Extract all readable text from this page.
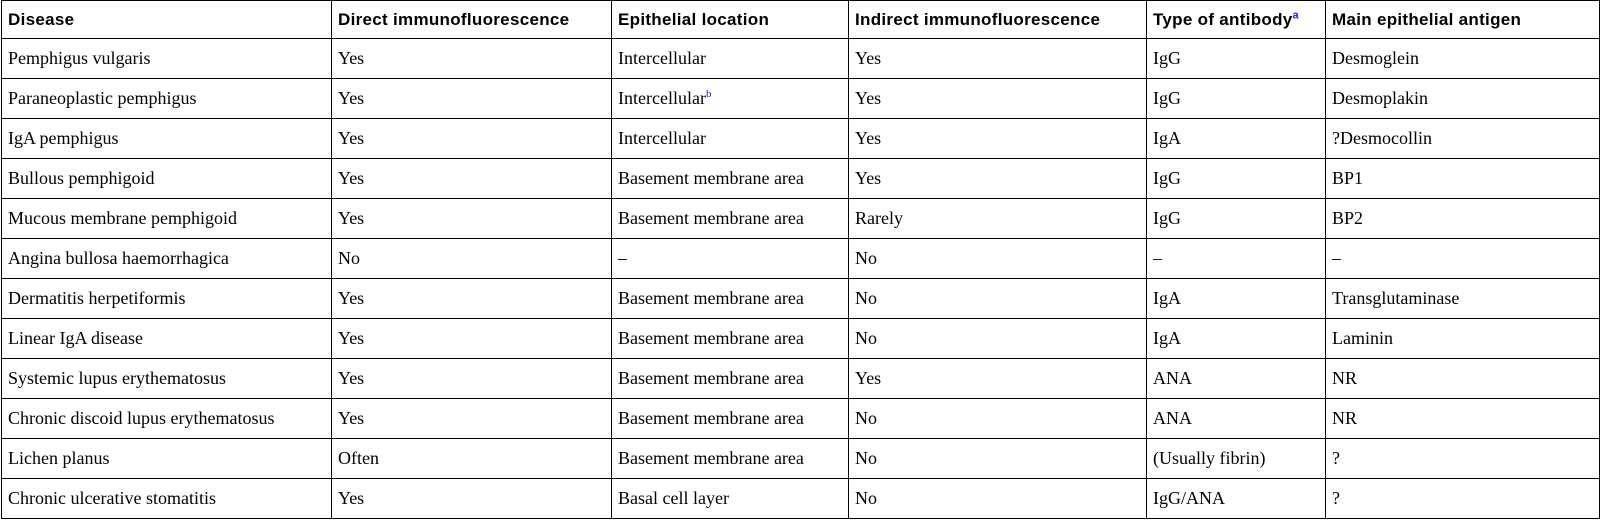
Disease	Direct immunofluorescence	Epithelial location	Indirect immunofluorescence	Type of antibody$^a$	Main epithelial antigen
Pemphigus vulgaris	Yes	Intercellular	Yes	IgG	Desmoglein
Paraneoplastic pemphigus	Yes	Intercellular$^b$	Yes	IgG	Desmoplakin
IgA pemphigus	Yes	Intercellular	Yes	IgA	?Desmocollin
Bullous pemphigoid	Yes	Basement membrane area	Yes	IgG	BP1
Mucous membrane pemphigoid	Yes	Basement membrane area	Rarely	IgG	BP2
Angina bullosa haemorrhagica	No	–	No	–	–
Dermatitis herpetiformis	Yes	Basement membrane area	No	IgA	Transglutaminase
Linear IgA disease	Yes	Basement membrane area	No	IgA	Laminin
Systemic lupus erythematosus	Yes	Basement membrane area	Yes	ANA	NR
Chronic discoid lupus erythematosus	Yes	Basement membrane area	No	ANA	NR
Lichen planus	Often	Basement membrane area	No	(Usually fibrin)	?
Chronic ulcerative stomatitis	Yes	Basal cell layer	No	IgG/ANA	?
